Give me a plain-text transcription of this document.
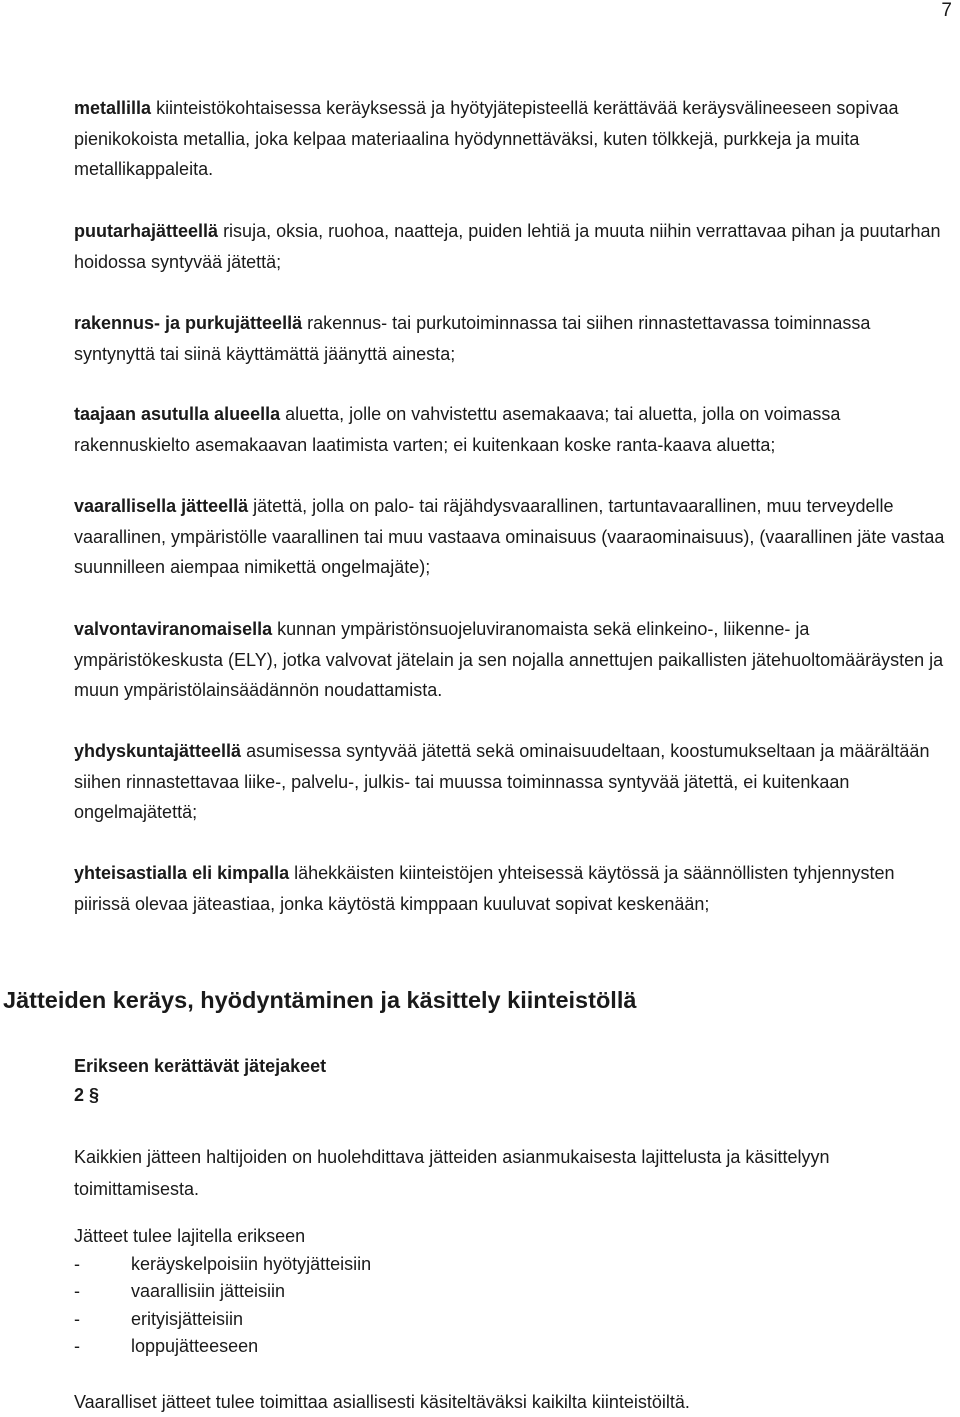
7

metallilla kiinteistökohtaisessa keräyksessä ja hyötyjätepisteellä kerättävää keräysvälineeseen sopivaa pienikokoista metallia, joka kelpaa materiaalina hyödynnettäväksi, kuten tölkkejä, purkkeja ja muita metallikappaleita.

puutarhajätteellä risuja, oksia, ruohoa, naatteja, puiden lehtiä ja muuta niihin verrattavaa pihan ja puutarhan hoidossa syntyvää jätettä;

rakennus- ja purkujätteellä rakennus- tai purkutoiminnassa tai siihen rinnastettavassa toiminnassa syntynyttä tai siinä käyttämättä jäänyttä ainesta;

taajaan asutulla alueella aluetta, jolle on vahvistettu asemakaava; tai aluetta, jolla on voimassa rakennuskielto asemakaavan laatimista varten; ei kuitenkaan koske ranta-kaava aluetta;

vaarallisella jätteellä jätettä, jolla on palo- tai räjähdysvaarallinen, tartuntavaarallinen, muu terveydelle vaarallinen, ympäristölle vaarallinen tai muu vastaava ominaisuus (vaaraominaisuus), (vaarallinen jäte vastaa suunnilleen aiempaa nimikettä ongelmajäte);

valvontaviranomaisella kunnan ympäristönsuojeluviranomaista sekä elinkeino-, liikenne- ja ympäristökeskusta (ELY), jotka valvovat jätelain ja sen nojalla annettujen paikallisten jätehuoltomääräysten ja muun ympäristölainsäädännön noudattamista.

yhdyskuntajätteellä asumisessa syntyvää jätettä sekä ominaisuudeltaan, koostumukseltaan ja määrältään siihen rinnastettavaa liike-, palvelu-, julkis- tai muussa toiminnassa syntyvää jätettä, ei kuitenkaan ongelmajätettä;

yhteisastialla eli kimpalla lähekkäisten kiinteistöjen yhteisessä käytössä ja säännöllisten tyhjennysten piirissä olevaa jäteastiaa, jonka käytöstä kimppaan kuuluvat sopivat keskenään;

Jätteiden keräys, hyödyntäminen ja käsittely kiinteistöllä
Erikseen kerättävät jätejakeet
2 §

Kaikkien jätteen haltijoiden on huolehdittava jätteiden asianmukaisesta lajittelusta ja käsittelyyn toimittamisesta.

Jätteet tulee lajitella erikseen

-	keräyskelpoisiin hyötyjätteisiin
-	vaarallisiin jätteisiin
-	erityisjätteisiin
-	loppujätteeseen

Vaaralliset jätteet tulee toimittaa asiallisesti käsiteltäväksi kaikilta kiinteistöiltä.
